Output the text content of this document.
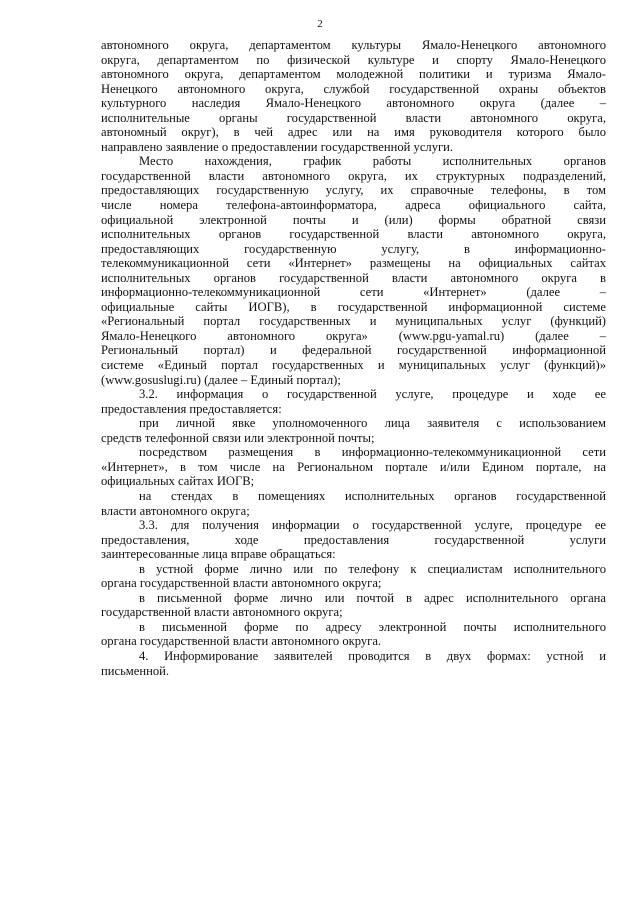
2
автономного округа, департаментом культуры Ямало-Ненецкого автономного
округа, департаментом по физической культуре и спорту Ямало-Ненецкого
автономного округа, департаментом молодежной политики и туризма Ямало-
Ненецкого автономного округа, службой государственной охраны объектов
культурного наследия Ямало-Ненецкого автономного округа (далее –
исполнительные органы государственной власти автономного округа,
автономный округ), в чей адрес или на имя руководителя которого было
направлено заявление о предоставлении государственной услуги.
Место нахождения, график работы исполнительных органов
государственной власти автономного округа, их структурных подразделений,
предоставляющих государственную услугу, их справочные телефоны, в том
числе номера телефона-автоинформатора, адреса официального сайта,
официальной электронной почты и (или) формы обратной связи
исполнительных органов государственной власти автономного округа,
предоставляющих государственную услугу, в информационно-
телекоммуникационной сети «Интернет» размещены на официальных сайтах
исполнительных органов государственной власти автономного округа в
информационно-телекоммуникационной сети «Интернет» (далее –
официальные сайты ИОГВ), в государственной информационной системе
«Региональный портал государственных и муниципальных услуг (функций)
Ямало-Ненецкого автономного округа» (www.pgu-yamal.ru) (далее –
Региональный портал) и федеральной государственной информационной
системе «Единый портал государственных и муниципальных услуг (функций)»
(www.gosuslugi.ru) (далее – Единый портал);
3.2. информация о государственной услуге, процедуре и ходе ее
предоставления предоставляется:
при личной явке уполномоченного лица заявителя с использованием
средств телефонной связи или электронной почты;
посредством размещения в информационно-телекоммуникационной сети
«Интернет», в том числе на Региональном портале и/или Едином портале, на
официальных сайтах ИОГВ;
на стендах в помещениях исполнительных органов государственной
власти автономного округа;
3.3. для получения информации о государственной услуге, процедуре ее
предоставления, ходе предоставления государственной услуги
заинтересованные лица вправе обращаться:
в устной форме лично или по телефону к специалистам исполнительного
органа государственной власти автономного округа;
в письменной форме лично или почтой в адрес исполнительного органа
государственной власти автономного округа;
в письменной форме по адресу электронной почты исполнительного
органа государственной власти автономного округа.
4. Информирование заявителей проводится в двух формах: устной и
письменной.
